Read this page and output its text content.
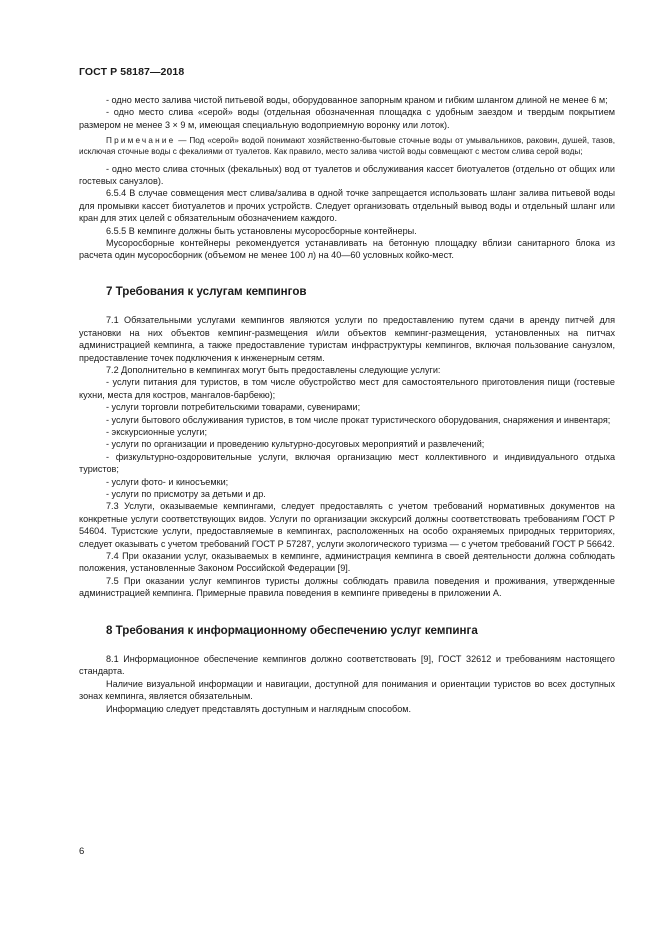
ГОСТ Р 58187—2018

- одно место залива чистой питьевой воды, оборудованное запорным краном и гибким шлангом длиной не менее 6 м;

- одно место слива «серой» воды (отдельная обозначенная площадка с удобным заездом и твердым покрытием размером не менее 3 × 9 м, имеющая специальную водоприемную воронку или лоток).

Примечание — Под «серой» водой понимают хозяйственно-бытовые сточные воды от умывальников, раковин, душей, тазов, исключая сточные воды с фекалиями от туалетов. Как правило, место залива чистой воды совмещают с местом слива серой воды;

- одно место слива сточных (фекальных) вод от туалетов и обслуживания кассет биотуалетов (отдельно от общих или гостевых санузлов).

6.5.4 В случае совмещения мест слива/залива в одной точке запрещается использовать шланг залива питьевой воды для промывки кассет биотуалетов и прочих устройств. Следует организовать отдельный вывод воды и отдельный шланг или кран для этих целей с обязательным обозначением каждого.

6.5.5 В кемпинге должны быть установлены мусоросборные контейнеры.

Мусоросборные контейнеры рекомендуется устанавливать на бетонную площадку вблизи санитарного блока из расчета один мусоросборник (объемом не менее 100 л) на 40—60 условных койко-мест.

7 Требования к услугам кемпингов

7.1 Обязательными услугами кемпингов являются услуги по предоставлению путем сдачи в аренду питчей для установки на них объектов кемпинг-размещения и/или объектов кемпинг-размещения, установленных на питчах администрацией кемпинга, а также предоставление туристам инфраструктуры кемпингов, включая пользование санузлом, предоставление точек подключения к инженерным сетям.

7.2 Дополнительно в кемпингах могут быть предоставлены следующие услуги:

- услуги питания для туристов, в том числе обустройство мест для самостоятельного приготовления пищи (гостевые кухни, места для костров, мангалов-барбекю);

- услуги торговли потребительскими товарами, сувенирами;

- услуги бытового обслуживания туристов, в том числе прокат туристического оборудования, снаряжения и инвентаря;

- экскурсионные услуги;

- услуги по организации и проведению культурно-досуговых мероприятий и развлечений;

- физкультурно-оздоровительные услуги, включая организацию мест коллективного и индивидуального отдыха туристов;

- услуги фото- и киносъемки;

- услуги по присмотру за детьми и др.

7.3 Услуги, оказываемые кемпингами, следует предоставлять с учетом требований нормативных документов на конкретные услуги соответствующих видов. Услуги по организации экскурсий должны соответствовать требованиям ГОСТ Р 54604. Туристские услуги, предоставляемые в кемпингах, расположенных на особо охраняемых природных территориях, следует оказывать с учетом требований ГОСТ Р 57287, услуги экологического туризма — с учетом требований ГОСТ Р 56642.

7.4 При оказании услуг, оказываемых в кемпинге, администрация кемпинга в своей деятельности должна соблюдать положения, установленные Законом Российской Федерации [9].

7.5 При оказании услуг кемпингов туристы должны соблюдать правила поведения и проживания, утвержденные администрацией кемпинга. Примерные правила поведения в кемпинге приведены в приложении А.

8 Требования к информационному обеспечению услуг кемпинга

8.1 Информационное обеспечение кемпингов должно соответствовать [9], ГОСТ 32612 и требованиям настоящего стандарта.

Наличие визуальной информации и навигации, доступной для понимания и ориентации туристов во всех доступных зонах кемпинга, является обязательным.

Информацию следует представлять доступным и наглядным способом.

6
